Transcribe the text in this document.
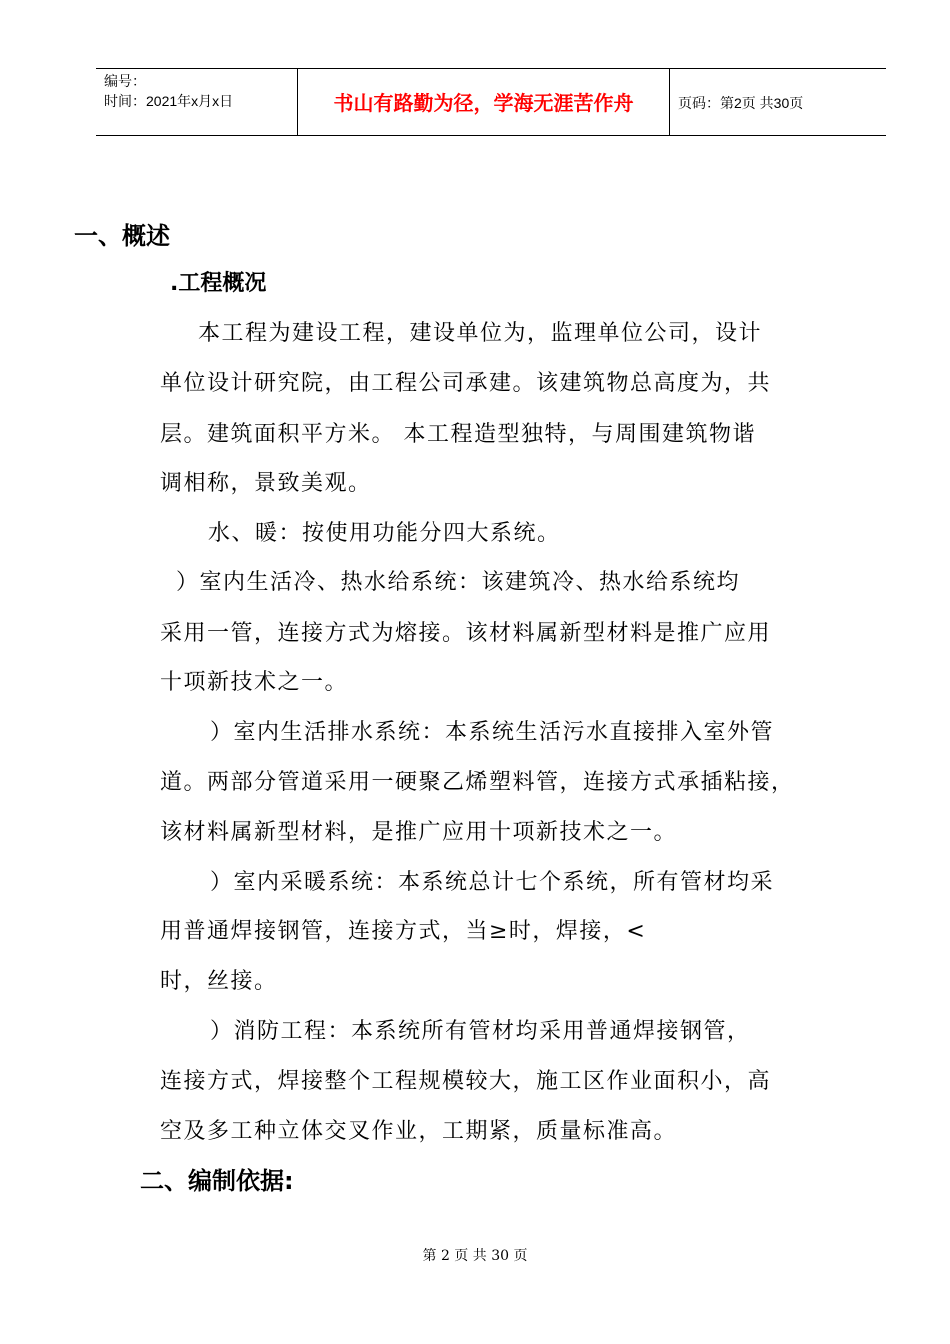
编号：
时间：2021年x月x日	书山有路勤为径，学海无涯苦作舟	页码：第2页 共30页
一、概述
.工程概况
本工程为建设工程，建设单位为，监理单位公司，设计
单位设计研究院，由工程公司承建。该建筑物总高度为，共
层。建筑面积平方米。 本工程造型独特，与周围建筑物谐
调相称，景致美观。
水、暖：按使用功能分四大系统。
）室内生活冷、热水给系统：该建筑冷、热水给系统均
采用一管，连接方式为熔接。该材料属新型材料是推广应用
十项新技术之一。
）室内生活排水系统：本系统生活污水直接排入室外管
道。两部分管道采用一硬聚乙烯塑料管，连接方式承插粘接，
该材料属新型材料，是推广应用十项新技术之一。
）室内采暖系统：本系统总计七个系统，所有管材均采
用普通焊接钢管，连接方式，当≥时，焊接，<
时，丝接。
）消防工程：本系统所有管材均采用普通焊接钢管，
连接方式，焊接整个工程规模较大，施工区作业面积小，高
空及多工种立体交叉作业，工期紧，质量标准高。
二、编制依据:
第 2 页 共 30 页
